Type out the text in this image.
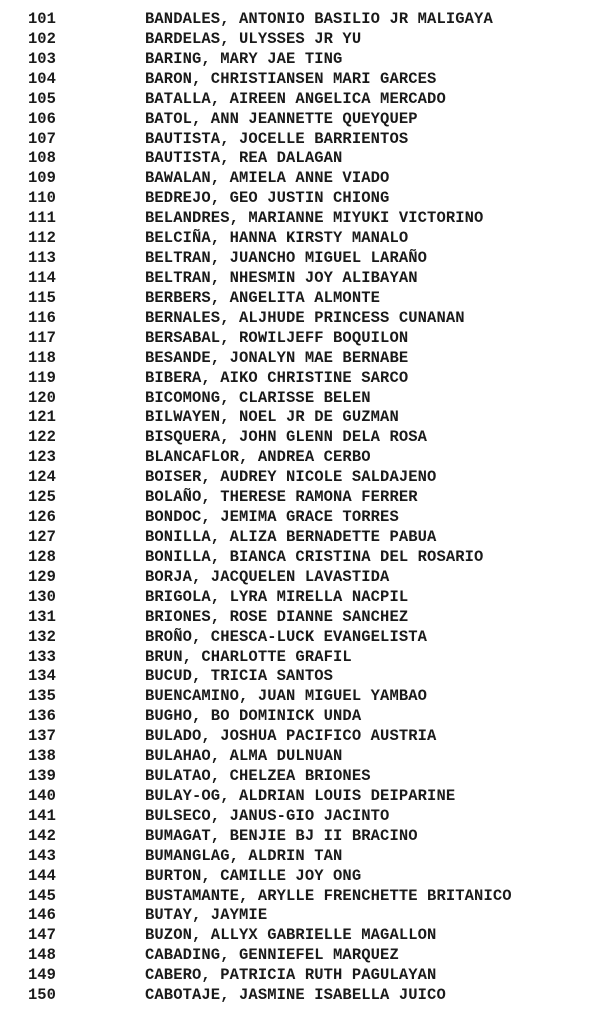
101	BANDALES, ANTONIO BASILIO JR MALIGAYA
102	BARDELAS, ULYSSES JR YU
103	BARING, MARY JAE TING
104	BARON, CHRISTIANSEN MARI GARCES
105	BATALLA, AIREEN ANGELICA MERCADO
106	BATOL, ANN JEANNETTE QUEYQUEP
107	BAUTISTA, JOCELLE BARRIENTOS
108	BAUTISTA, REA DALAGAN
109	BAWALAN, AMIELA ANNE VIADO
110	BEDREJO, GEO JUSTIN CHIONG
111	BELANDRES, MARIANNE MIYUKI VICTORINO
112	BELCIÑA, HANNA KIRSTY MANALO
113	BELTRAN, JUANCHO MIGUEL LARAÑO
114	BELTRAN, NHESMIN JOY ALIBAYAN
115	BERBERS, ANGELITA ALMONTE
116	BERNALES, ALJHUDE PRINCESS CUNANAN
117	BERSABAL, ROWILJEFF BOQUILON
118	BESANDE, JONALYN MAE BERNABE
119	BIBERA, AIKO CHRISTINE SARCO
120	BICOMONG, CLARISSE BELEN
121	BILWAYEN, NOEL JR DE GUZMAN
122	BISQUERA, JOHN GLENN DELA ROSA
123	BLANCAFLOR, ANDREA CERBO
124	BOISER, AUDREY NICOLE SALDAJENO
125	BOLAÑO, THERESE RAMONA FERRER
126	BONDOC, JEMIMA GRACE TORRES
127	BONILLA, ALIZA BERNADETTE PABUA
128	BONILLA, BIANCA CRISTINA DEL ROSARIO
129	BORJA, JACQUELEN LAVASTIDA
130	BRIGOLA, LYRA MIRELLA NACPIL
131	BRIONES, ROSE DIANNE SANCHEZ
132	BROÑO, CHESCA-LUCK EVANGELISTA
133	BRUN, CHARLOTTE GRAFIL
134	BUCUD, TRICIA SANTOS
135	BUENCAMINO, JUAN MIGUEL YAMBAO
136	BUGHO, BO DOMINICK UNDA
137	BULADO, JOSHUA PACIFICO AUSTRIA
138	BULAHAO, ALMA DULNUAN
139	BULATAO, CHELZEA BRIONES
140	BULAY-OG, ALDRIAN LOUIS DEIPARINE
141	BULSECO, JANUS-GIO JACINTO
142	BUMAGAT, BENJIE BJ II BRACINO
143	BUMANGLAG, ALDRIN TAN
144	BURTON, CAMILLE JOY ONG
145	BUSTAMANTE, ARYLLE FRENCHETTE BRITANICO
146	BUTAY, JAYMIE
147	BUZON, ALLYX GABRIELLE MAGALLON
148	CABADING, GENNIEFEL MARQUEZ
149	CABERO, PATRICIA RUTH PAGULAYAN
150	CABOTAJE, JASMINE ISABELLA JUICO
